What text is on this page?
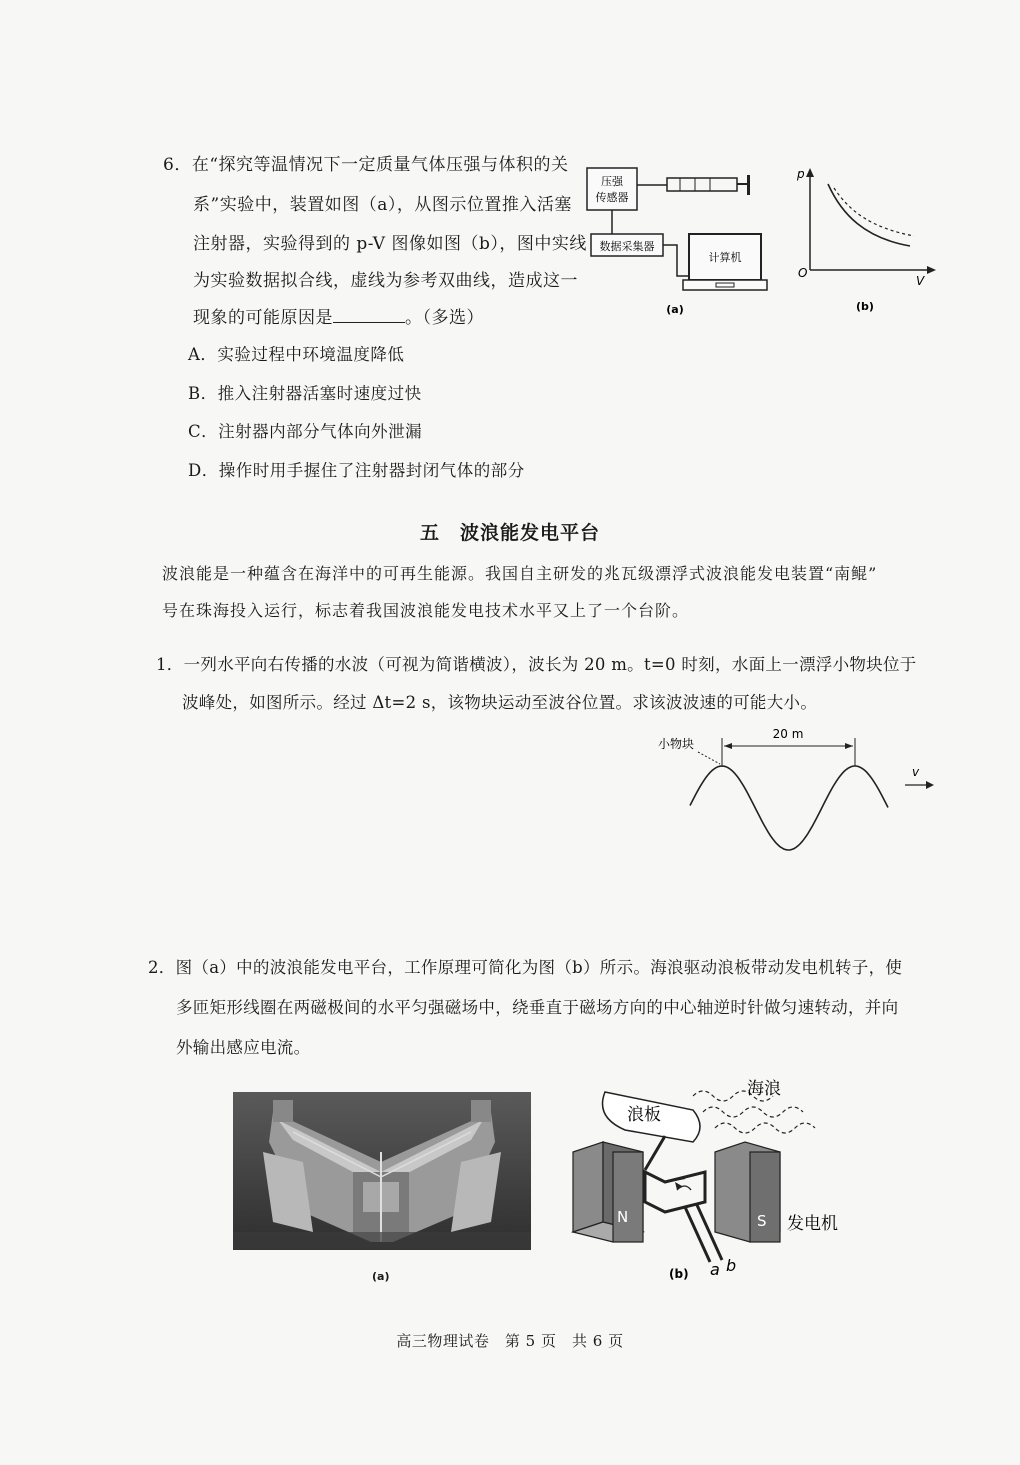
6．在“探究等温情况下一定质量气体压强与体积的关
系”实验中，装置如图（a），从图示位置推入活塞
注射器，实验得到的 p-V 图像如图（b），图中实线
为实验数据拟合线，虚线为参考双曲线，造成这一
现象的可能原因是	。（多选）
A．实验过程中环境温度降低
B．推入注射器活塞时速度过快
C．注射器内部分气体向外泄漏
D．操作时用手握住了注射器封闭气体的部分
压强
传感器
数据采集器
计算机
(a)
p
V
O
(b)
五　波浪能发电平台
波浪能是一种蕴含在海洋中的可再生能源。我国自主研发的兆瓦级漂浮式波浪能发电装置“南鲲”
号在珠海投入运行，标志着我国波浪能发电技术水平又上了一个台阶。
1．一列水平向右传播的水波（可视为简谐横波），波长为 20 m。t=0 时刻，水面上一漂浮小物块位于
波峰处，如图所示。经过 Δt=2 s，该物块运动至波谷位置。求该波波速的可能大小。
20 m
小物块
v
2．图（a）中的波浪能发电平台，工作原理可简化为图（b）所示。海浪驱动浪板带动发电机转子，使
多匝矩形线圈在两磁极间的水平匀强磁场中，绕垂直于磁场方向的中心轴逆时针做匀速转动，并向
外输出感应电流。
(a)
海浪
浪板
N	S
a b
发电机
(b)
高三物理试卷　第 5 页　共 6 页
